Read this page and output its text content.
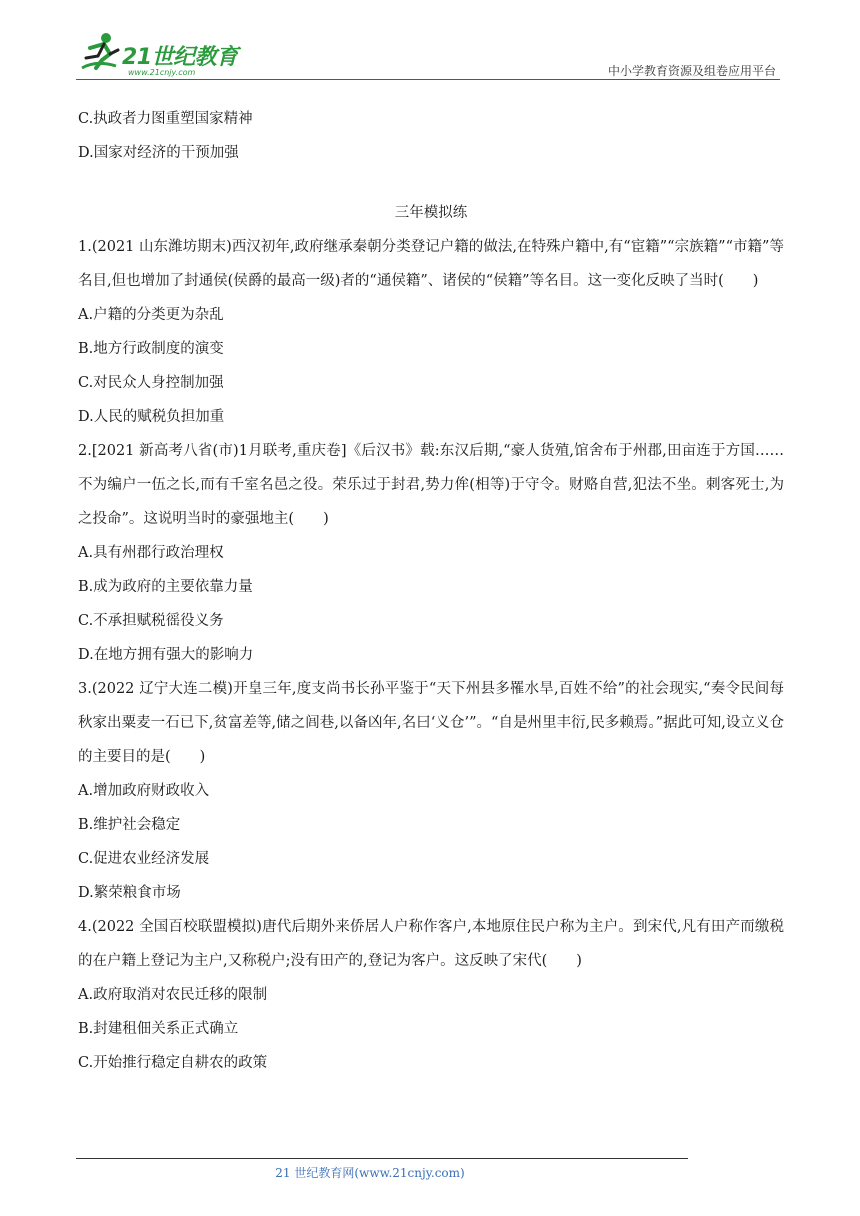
21世纪教育
www.21cnjy.com	中小学教育资源及组卷应用平台
C.执政者力图重塑国家精神
D.国家对经济的干预加强
三年模拟练
1.(2021 山东潍坊期末)西汉初年,政府继承秦朝分类登记户籍的做法,在特殊户籍中,有“宦籍”“宗族籍”“市籍”等名目,但也增加了封通侯(侯爵的最高一级)者的“通侯籍”、诸侯的“侯籍”等名目。这一变化反映了当时(　　)
A.户籍的分类更为杂乱
B.地方行政制度的演变
C.对民众人身控制加强
D.人民的赋税负担加重
2.[2021 新高考八省(市)1月联考,重庆卷]《后汉书》载:东汉后期,“豪人货殖,馆舍布于州郡,田亩连于方国……不为编户一伍之长,而有千室名邑之役。荣乐过于封君,势力侔(相等)于守令。财赂自营,犯法不坐。刺客死士,为之投命”。这说明当时的豪强地主(　　)
A.具有州郡行政治理权
B.成为政府的主要依靠力量
C.不承担赋税徭役义务
D.在地方拥有强大的影响力
3.(2022 辽宁大连二模)开皇三年,度支尚书长孙平鉴于“天下州县多罹水旱,百姓不给”的社会现实,“奏令民间每秋家出粟麦一石已下,贫富差等,储之闾巷,以备凶年,名曰‘义仓’”。“自是州里丰衍,民多赖焉。”据此可知,设立义仓的主要目的是(　　)
A.增加政府财政收入
B.维护社会稳定
C.促进农业经济发展
D.繁荣粮食市场
4.(2022 全国百校联盟模拟)唐代后期外来侨居人户称作客户,本地原住民户称为主户。到宋代,凡有田产而缴税的在户籍上登记为主户,又称税户;没有田产的,登记为客户。这反映了宋代(　　)
A.政府取消对农民迁移的限制
B.封建租佃关系正式确立
C.开始推行稳定自耕农的政策
21 世纪教育网(www.21cnjy.com)
